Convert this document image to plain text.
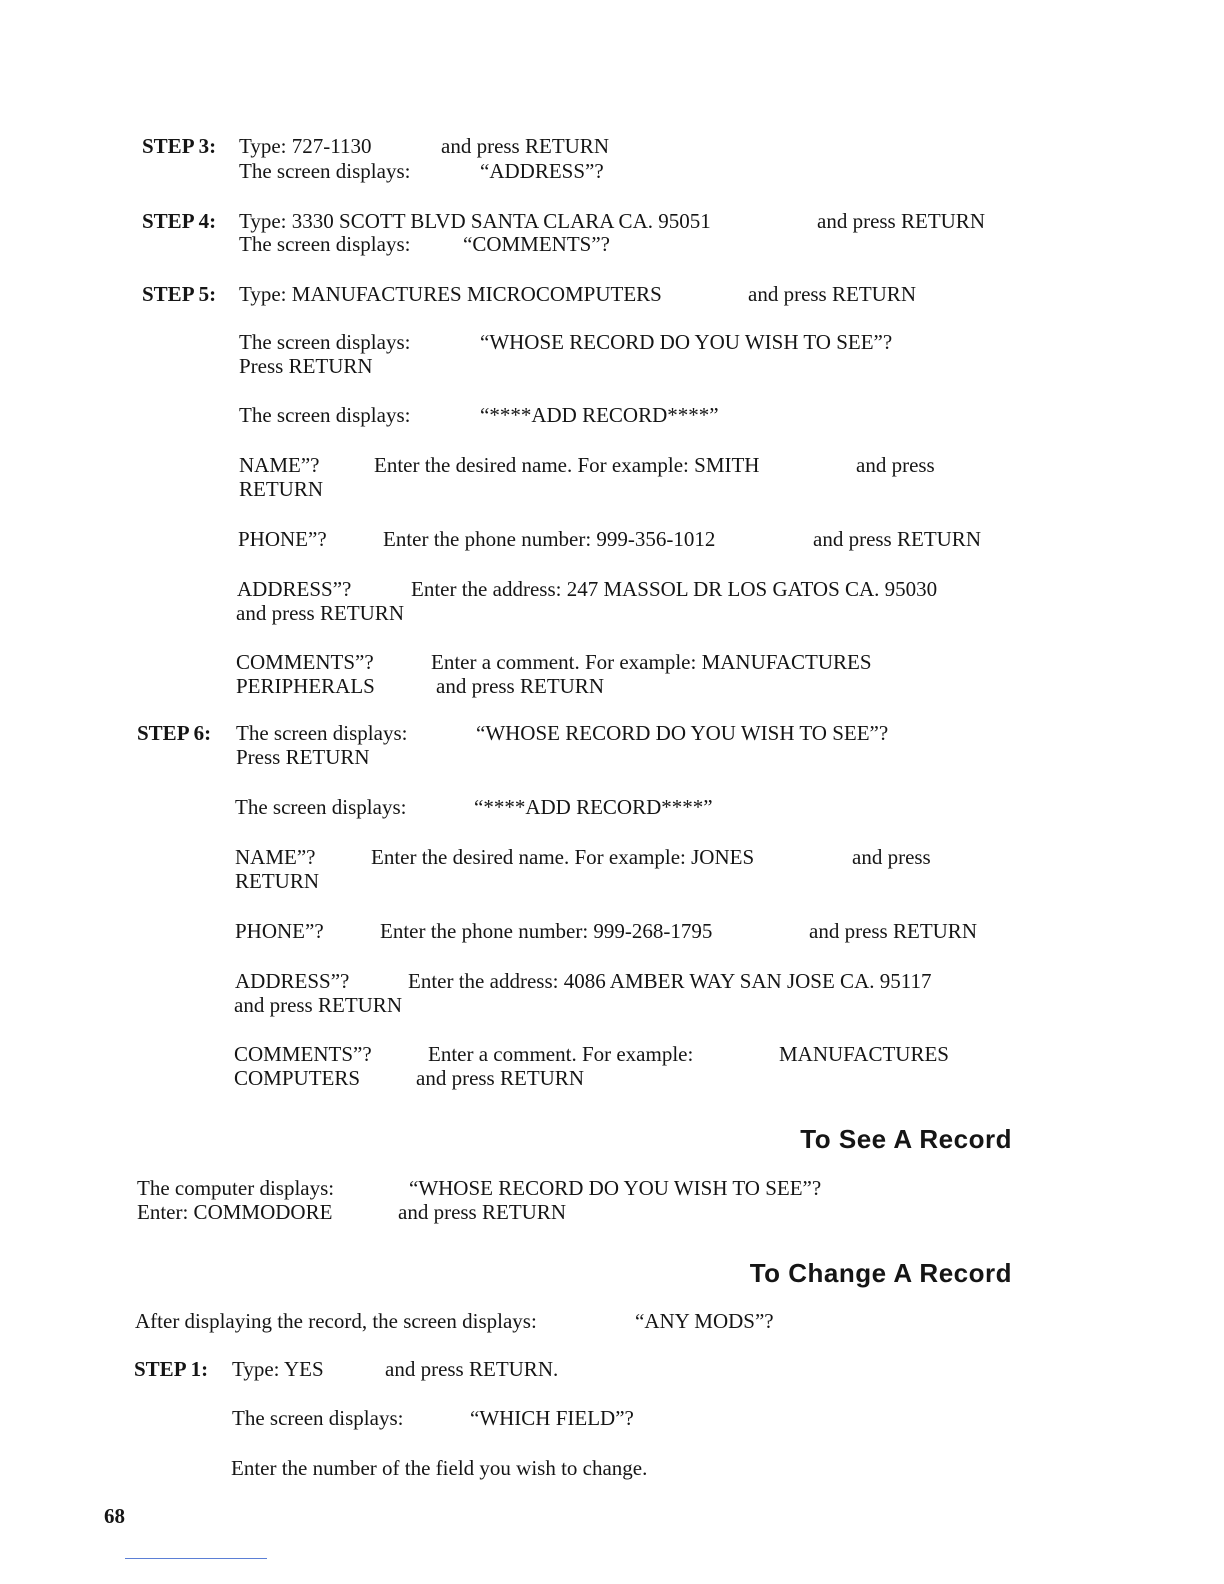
STEP 3: Type: 727-1130	and press RETURN
The screen displays:	“ADDRESS”?
STEP 4: Type: 3330 SCOTT BLVD SANTA CLARA CA. 95051	and press RETURN
The screen displays:	“COMMENTS”?
STEP 5: Type: MANUFACTURES MICROCOMPUTERS	and press RETURN
The screen displays:	“WHOSE RECORD DO YOU WISH TO SEE”?
Press RETURN
The screen displays:	“****ADD RECORD****”
NAME”?	Enter the desired name. For example: SMITH	and press
RETURN
PHONE”?	Enter the phone number: 999-356-1012	and press RETURN
ADDRESS”?	Enter the address: 247 MASSOL DR LOS GATOS CA. 95030
and press RETURN
COMMENTS”?	Enter a comment. For example: MANUFACTURES
PERIPHERALS	and press RETURN
STEP 6: The screen displays:	“WHOSE RECORD DO YOU WISH TO SEE”?
Press RETURN
The screen displays:	“****ADD RECORD****”
NAME”?	Enter the desired name. For example: JONES	and press
RETURN
PHONE”?	Enter the phone number: 999-268-1795	and press RETURN
ADDRESS”?	Enter the address: 4086 AMBER WAY SAN JOSE CA. 95117
and press RETURN
COMMENTS”?	Enter a comment. For example:	MANUFACTURES
COMPUTERS	and press RETURN
To See A Record
The computer displays:	“WHOSE RECORD DO YOU WISH TO SEE”?
Enter: COMMODORE	and press RETURN
To Change A Record
After displaying the record, the screen displays:	“ANY MODS”?
STEP 1: Type: YES	and press RETURN.
The screen displays:	“WHICH FIELD”?
Enter the number of the field you wish to change.
68
